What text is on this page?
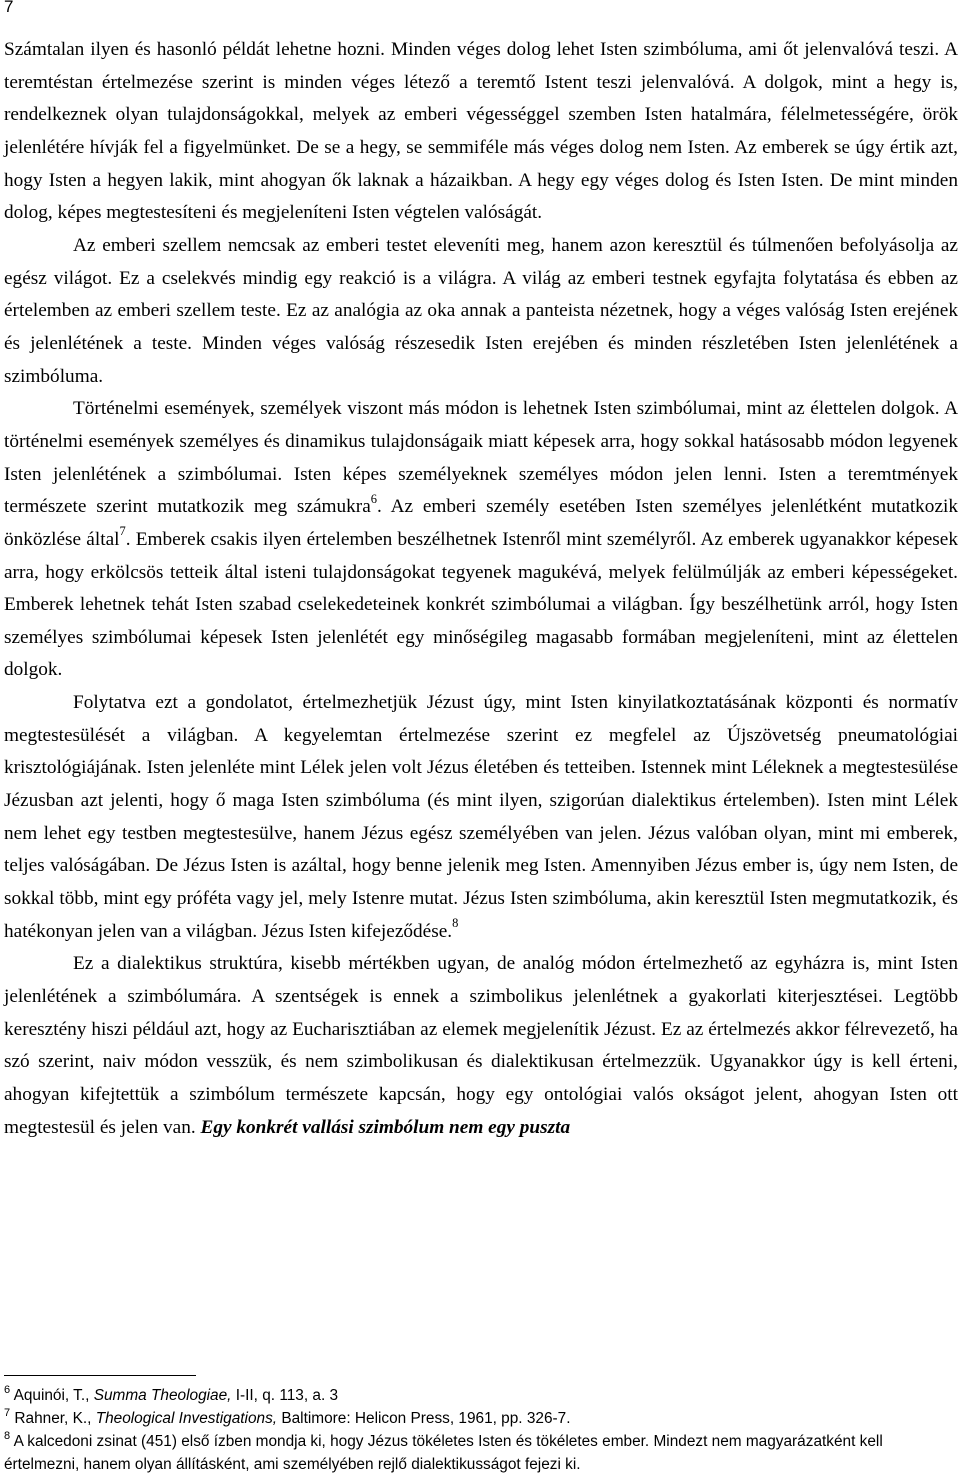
7

Számtalan ilyen és hasonló példát lehetne hozni. Minden véges dolog lehet Isten szimbóluma, ami őt jelenvalóvá teszi. A teremtéstan értelmezése szerint is minden véges létező a teremtő Istent teszi jelenvalóvá. A dolgok, mint a hegy is, rendelkeznek olyan tulajdonságokkal, melyek az emberi végességgel szemben Isten hatalmára, félelmetességére, örök jelenlétére hívják fel a figyelmünket. De se a hegy, se semmiféle más véges dolog nem Isten. Az emberek se úgy értik azt, hogy Isten a hegyen lakik, mint ahogyan ők laknak a házaikban. A hegy egy véges dolog és Isten Isten. De mint minden dolog, képes megtestesíteni és megjeleníteni Isten végtelen valóságát.

Az emberi szellem nemcsak az emberi testet eleveníti meg, hanem azon keresztül és túlmenően befolyásolja az egész világot. Ez a cselekvés mindig egy reakció is a világra. A világ az emberi testnek egyfajta folytatása és ebben az értelemben az emberi szellem teste. Ez az analógia az oka annak a panteista nézetnek, hogy a véges valóság Isten erejének és jelenlétének a teste. Minden véges valóság részesedik Isten erejében és minden részletében Isten jelenlétének a szimbóluma.

Történelmi események, személyek viszont más módon is lehetnek Isten szimbólumai, mint az élettelen dolgok. A történelmi események személyes és dinamikus tulajdonságaik miatt képesek arra, hogy sokkal hatásosabb módon legyenek Isten jelenlétének a szimbólumai. Isten képes személyeknek személyes módon jelen lenni. Isten a teremtmények természete szerint mutatkozik meg számukra$^6$. Az emberi személy esetében Isten személyes jelenlétként mutatkozik önközlése által$^7$. Emberek csakis ilyen értelemben beszélhetnek Istenről mint személyről. Az emberek ugyanakkor képesek arra, hogy erkölcsös tetteik által isteni tulajdonságokat tegyenek magukévá, melyek felülmúlják az emberi képességeket. Emberek lehetnek tehát Isten szabad cselekedeteinek konkrét szimbólumai a világban. Így beszélhetünk arról, hogy Isten személyes szimbólumai képesek Isten jelenlétét egy minőségileg magasabb formában megjeleníteni, mint az élettelen dolgok.

Folytatva ezt a gondolatot, értelmezhetjük Jézust úgy, mint Isten kinyilatkoztatásának központi és normatív megtestesülését a világban. A kegyelemtan értelmezése szerint ez megfelel az Újszövetség pneumatológiai krisztológiájának. Isten jelenléte mint Lélek jelen volt Jézus életében és tetteiben. Istennek mint Léleknek a megtestesülése Jézusban azt jelenti, hogy ő maga Isten szimbóluma (és mint ilyen, szigorúan dialektikus értelemben). Isten mint Lélek nem lehet egy testben megtestesülve, hanem Jézus egész személyében van jelen. Jézus valóban olyan, mint mi emberek, teljes valóságában. De Jézus Isten is azáltal, hogy benne jelenik meg Isten. Amennyiben Jézus ember is, úgy nem Isten, de sokkal több, mint egy próféta vagy jel, mely Istenre mutat. Jézus Isten szimbóluma, akin keresztül Isten megmutatkozik, és hatékonyan jelen van a világban. Jézus Isten kifejeződése.$^8$

Ez a dialektikus struktúra, kisebb mértékben ugyan, de analóg módon értelmezhető az egyházra is, mint Isten jelenlétének a szimbólumára. A szentségek is ennek a szimbolikus jelenlétnek a gyakorlati kiterjesztései. Legtöbb keresztény hiszi például azt, hogy az Eucharisztiában az elemek megjelenítik Jézust. Ez az értelmezés akkor félrevezető, ha szó szerint, naiv módon vesszük, és nem szimbolikusan és dialektikusan értelmezzük. Ugyanakkor úgy is kell érteni, ahogyan kifejtettük a szimbólum természete kapcsán, hogy egy ontológiai valós okságot jelent, ahogyan Isten ott megtestesül és jelen van. Egy konkrét vallási szimbólum nem egy puszta

$^6$ Aquinói, T., Summa Theologiae, I-II, q. 113, a. 3

$^7$ Rahner, K., Theological Investigations, Baltimore: Helicon Press, 1961, pp. 326-7.

$^8$ A kalcedoni zsinat (451) első ízben mondja ki, hogy Jézus tökéletes Isten és tökéletes ember. Mindezt nem magyarázatként kell értelmezni, hanem olyan állításként, ami személyében rejlő dialektikusságot fejezi ki.
